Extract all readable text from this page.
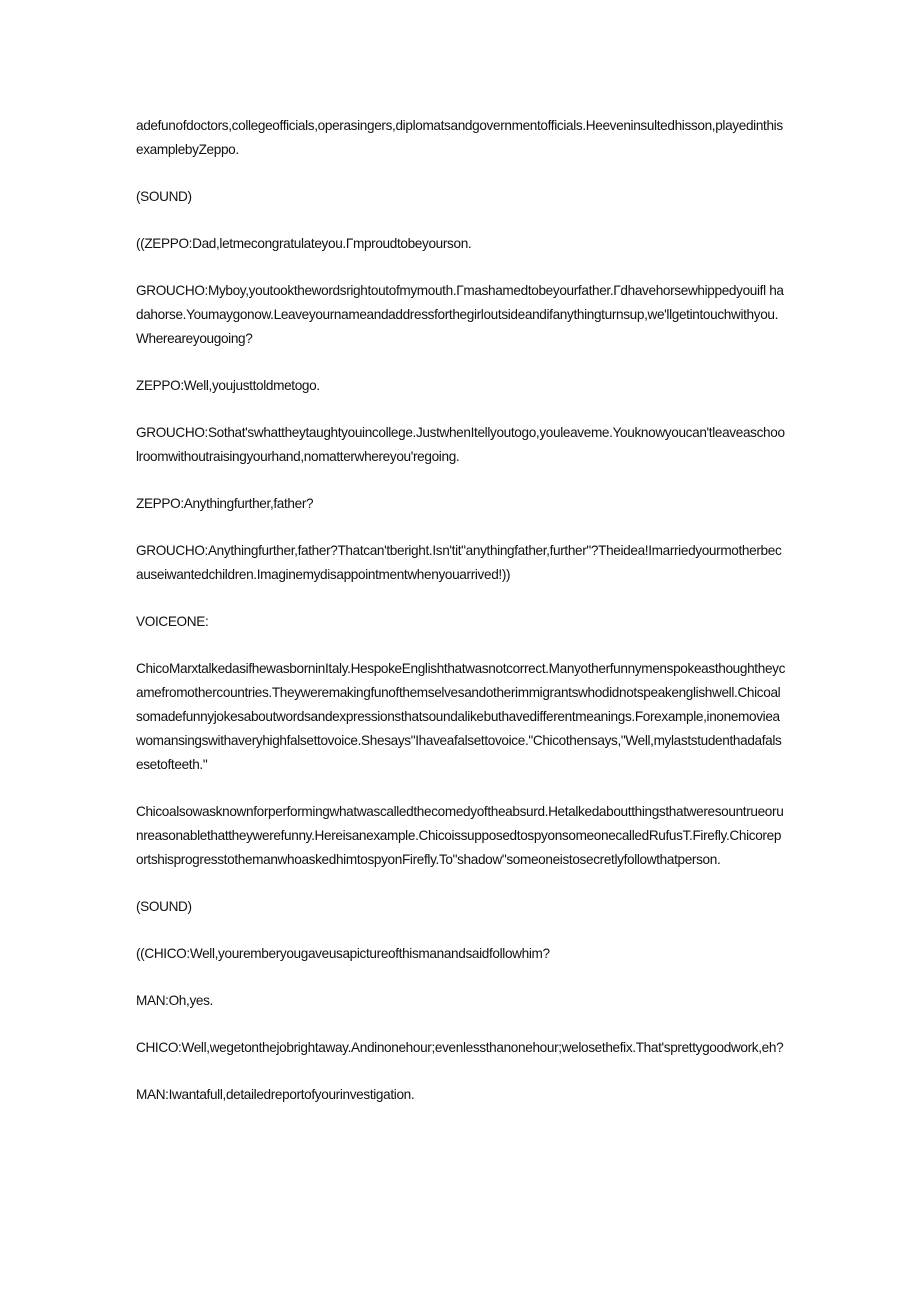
adefunofdoctors,collegeofficials,operasingers,diplomatsandgovernmentofficials.Heeveninsultedhisson,playedinthisexamplebyZeppo.

(SOUND)

((ZEPPO:Dad,letmecongratulateyou.Γmproudtobeyourson.

GROUCHO:Myboy,youtookthewordsrightoutofmymouth.Γmashamedtobeyourfather.Γdhavehorsewhippedyouifl hadahorse.Youmaygonow.Leaveyournameandaddressforthegirloutsideandifanythingturnsup,we'llgetintouchwithyou.Whereareyougoing?

ZEPPO:Well,youjusttoldmetogo.

GROUCHO:Sothat'swhattheytaughtyouincollege.JustwhenItellyoutogo,youleaveme.Youknowyoucan'tleaveaschoolroomwithoutraisingyourhand,nomatterwhereyou'regoing.

ZEPPO:Anythingfurther,father?

GROUCHO:Anythingfurther,father?Thatcan'tberight.Isn'tit"anythingfather,further"?Theidea!Imarriedyourmotherbecauseiwantedchildren.Imaginemydisappointmentwhenyouarrived!))

VOICEONE:

ChicoMarxtalkedasifhewasborninItaly.HespokeEnglishthatwasnotcorrect.Manyotherfunnymenspokeasthoughtheycamefromothercountries.Theyweremakingfunofthemselvesandotherimmigrantswhodidnotspeakenglishwell.Chicoalsomadefunnyjokesaboutwordsandexpressionsthatsoundalikebuthavedifferentmeanings.Forexample,inonemovieawomansingswithaveryhighfalsettovoice.Shesays"Ihaveafalsettovoice."Chicothensays,"Well,mylaststudenthadafalsesetofteeth."

Chicoalsowasknownforperformingwhatwascalledthecomedyoftheabsurd.Hetalkedaboutthingsthatweresountrueorunreasonablethattheywerefunny.Hereisanexample.ChicoissupposedtospyonsomeonecalledRufusT.Firefly.ChicoreportshisprogresstothemanwhoaskedhimtospyonFirefly.To"shadow"someoneistosecretlyfollowthatperson.

(SOUND)

((CHICO:Well,youremberyougaveusapictureofthismanandsaidfollowhim?

MAN:Oh,yes.

CHICO:Well,wegetonthejobrightaway.Andinonehour;evenlessthanonehour;welosethefix.That'sprettygoodwork,eh?

MAN:Iwantafull,detailedreportofyourinvestigation.
